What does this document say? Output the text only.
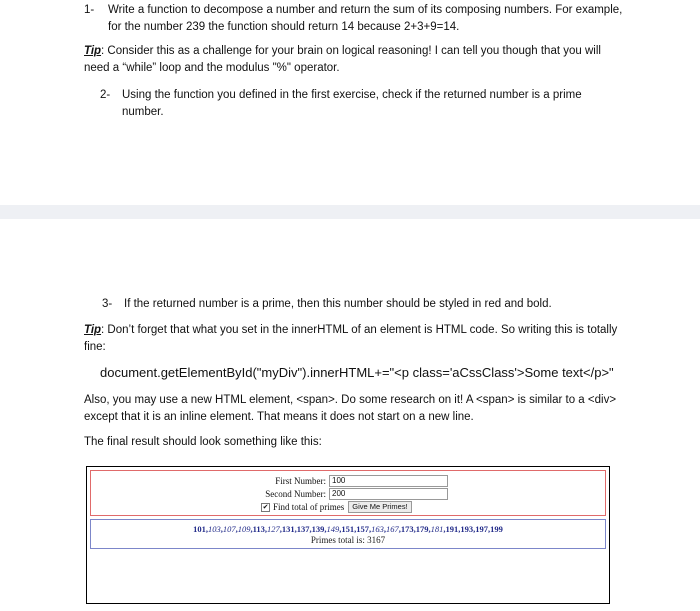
1-	Write a function to decompose a number and return the sum of its composing numbers. For example, for the number 239 the function should return 14 because 2+3+9=14.
Tip: Consider this as a challenge for your brain on logical reasoning! I can tell you though that you will need a “while” loop and the modulus "%" operator.
2-	Using the function you defined in the first exercise, check if the returned number is a prime number.
3-	If the returned number is a prime, then this number should be styled in red and bold.
Tip: Don’t forget that what you set in the innerHTML of an element is HTML code. So writing this is totally fine:
document.getElementById("myDiv").innerHTML+="<p class='aCssClass'>Some text</p>"
Also, you may use a new HTML element, <span>. Do some research on it! A <span> is similar to a <div> except that it is an inline element. That means it does not start on a new line.
The final result should look something like this:
First Number: 100
Second Number: 200
✔ Find total of primes	Give Me Primes!
101,103,107,109,113,127,131,137,139,149,151,157,163,167,173,179,181,191,193,197,199
Primes total is: 3167
